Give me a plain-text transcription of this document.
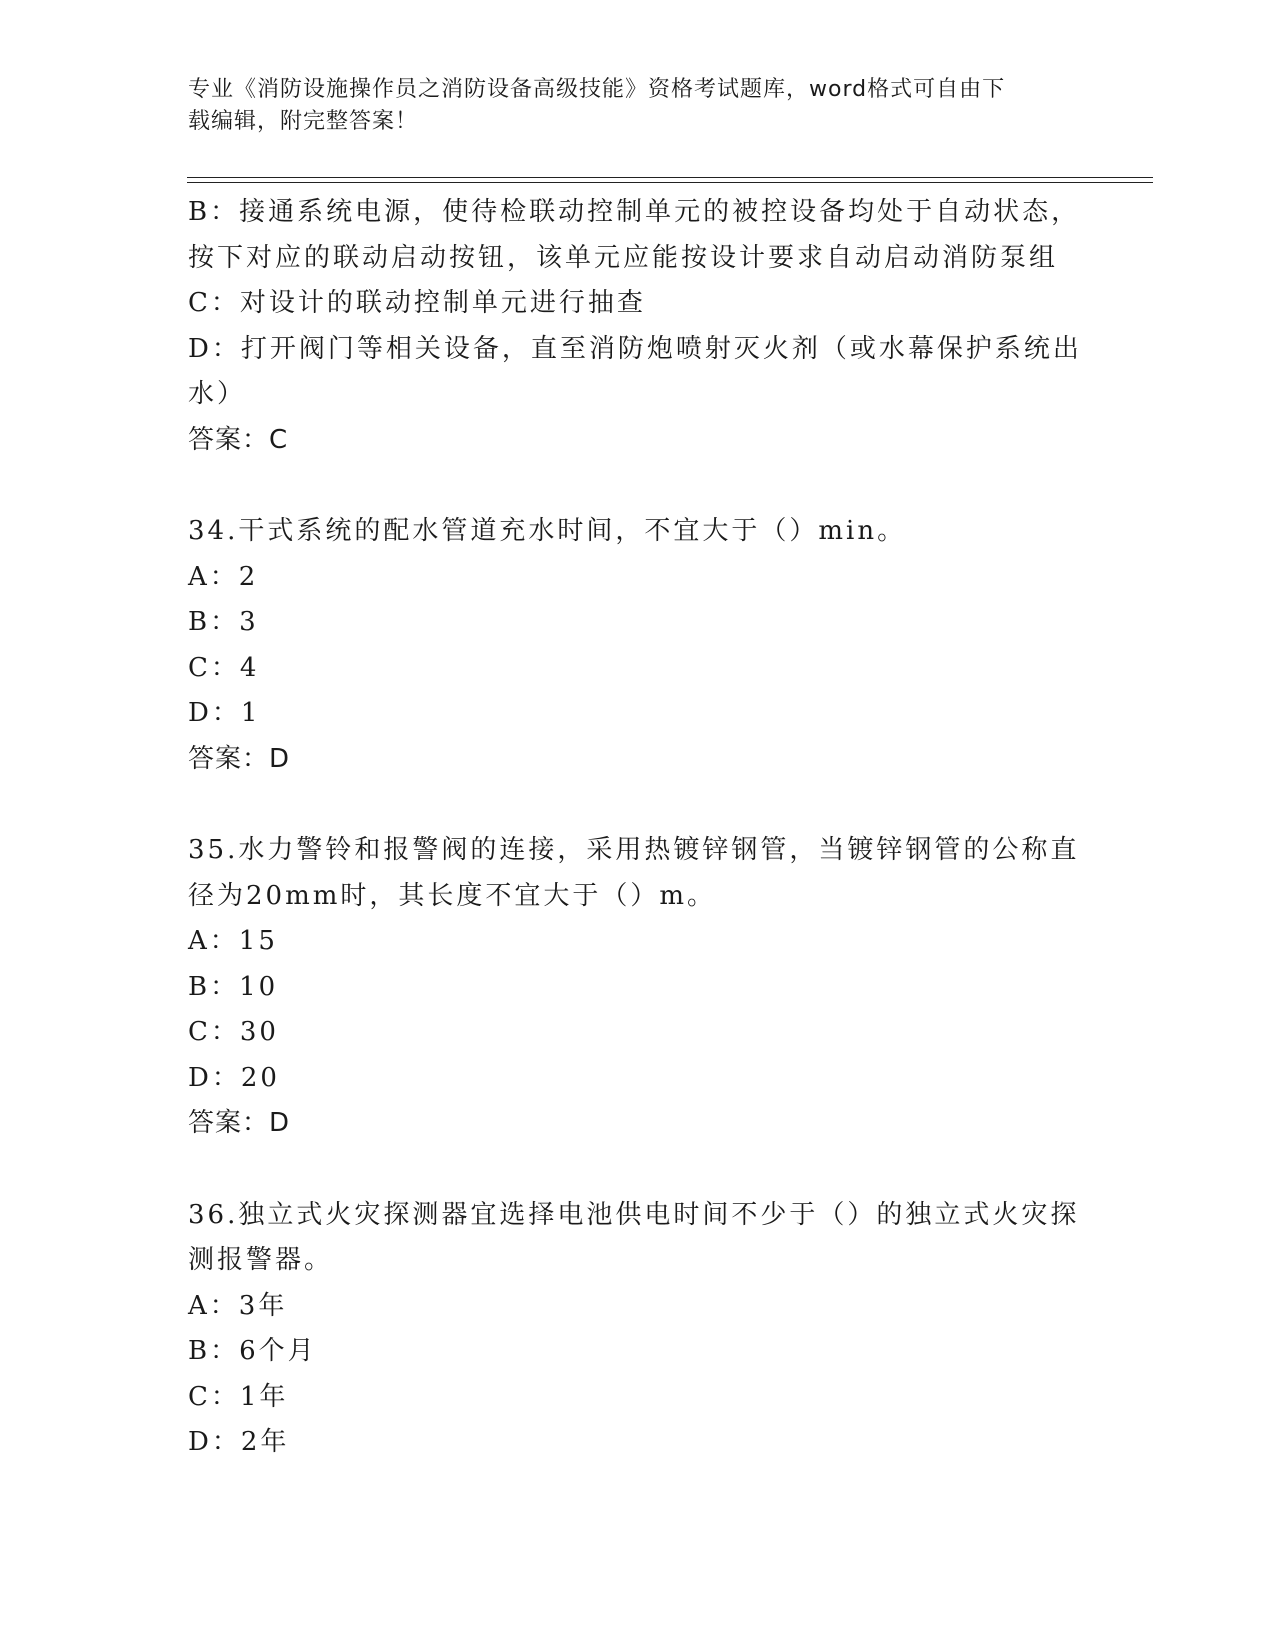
专业《消防设施操作员之消防设备高级技能》资格考试题库，word格式可自由下
载编辑，附完整答案！
B：接通系统电源，使待检联动控制单元的被控设备均处于自动状态，
按下对应的联动启动按钮，该单元应能按设计要求自动启动消防泵组
C：对设计的联动控制单元进行抽查
D：打开阀门等相关设备，直至消防炮喷射灭火剂（或水幕保护系统出
水）
答案：C
34.干式系统的配水管道充水时间，不宜大于（）min。
A：2
B：3
C：4
D：1
答案：D
35.水力警铃和报警阀的连接，采用热镀锌钢管，当镀锌钢管的公称直
径为20mm时，其长度不宜大于（）m。
A：15
B：10
C：30
D：20
答案：D
36.独立式火灾探测器宜选择电池供电时间不少于（）的独立式火灾探
测报警器。
A：3年
B：6个月
C：1年
D：2年
